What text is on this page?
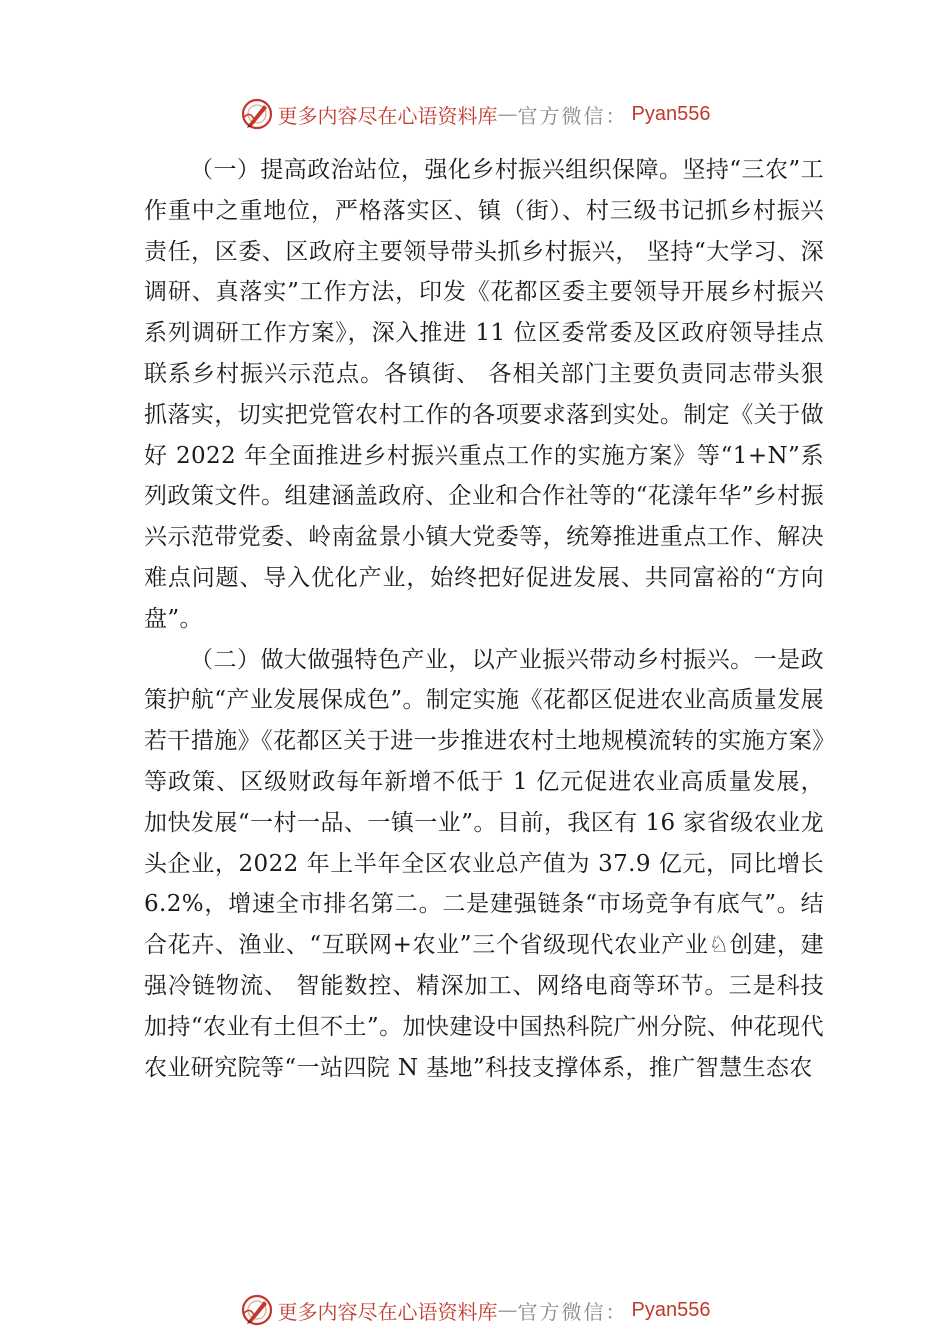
更多内容尽在心语资料库 — 官方微信： Pyan556

（一）提高政治站位，强化乡村振兴组织保障。坚持“三农”工作重中之重地位，严格落实区、镇（街）、村三级书记抓乡村振兴责任，区委、区政府主要领导带头抓乡村振兴， 坚持“大学习、深调研、真落实”工作方法，印发《花都区委主要领导开展乡村振兴系列调研工作方案》，深入推进 11 位区委常委及区政府领导挂点联系乡村振兴示范点。各镇街、 各相关部门主要负责同志带头狠抓落实，切实把党管农村工作的各项要求落到实处。制定《关于做好 2022 年全面推进乡村振兴重点工作的实施方案》等“1+N”系列政策文件。组建涵盖政府、企业和合作社等的“花漾年华”乡村振兴示范带党委、岭南盆景小镇大党委等，统筹推进重点工作、解决难点问题、导入优化产业，始终把好促进发展、共同富裕的“方向盘”。

（二）做大做强特色产业，以产业振兴带动乡村振兴。一是政策护航“产业发展保成色”。制定实施《花都区促进农业高质量发展若干措施》《花都区关于进一步推进农村土地规模流转的实施方案》等政策、区级财政每年新增不低于 1 亿元促进农业高质量发展，加快发展“一村一品、一镇一业”。目前，我区有 16 家省级农业龙头企业，2022 年上半年全区农业总产值为 37.9 亿元，同比增长 6.2%，增速全市排名第二。二是建强链条“市场竞争有底气”。结合花卉、渔业、“互联网+农业”三个省级现代农业产业♘创建，建强冷链物流、 智能数控、精深加工、网络电商等环节。三是科技加持“农业有土但不土”。加快建设中国热科院广州分院、仲花现代农业研究院等“一站四院 N 基地”科技支撑体系，推广智慧生态农

更多内容尽在心语资料库 — 官方微信： Pyan556
